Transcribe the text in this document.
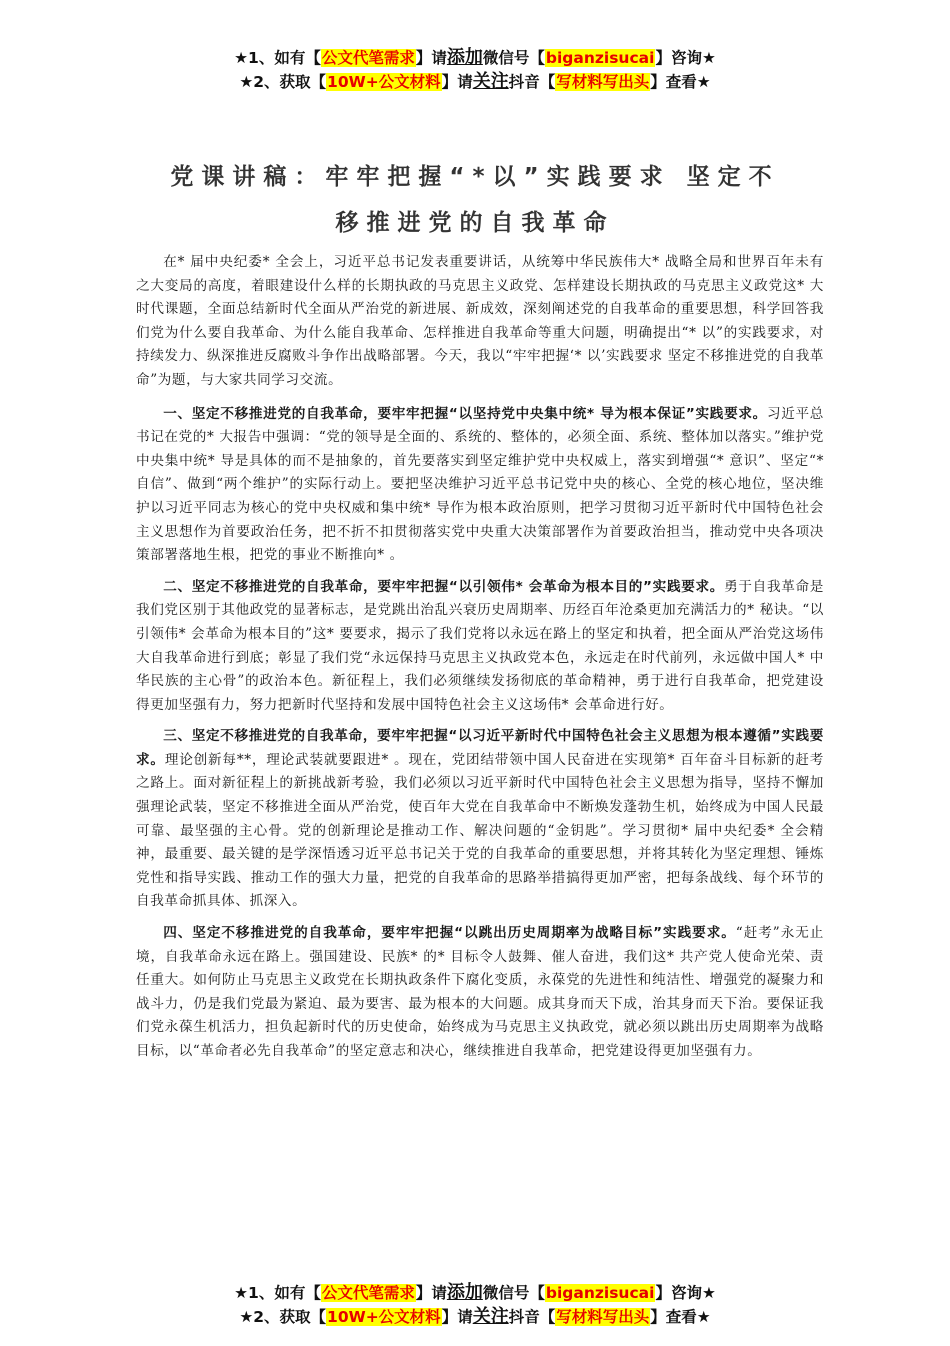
★1、如有【公文代笔需求】请添加微信号【biganzisucai】咨询★
★2、获取【10W+公文材料】请关注抖音【写材料写出头】查看★
党课讲稿：牢牢把握“*以”实践要求 坚定不
移推进党的自我革命

在* 届中央纪委* 全会上，习近平总书记发表重要讲话，从统筹中华民族伟大* 战略全局和世界百年未有之大变局的高度，着眼建设什么样的长期执政的马克思主义政党、怎样建设长期执政的马克思主义政党这* 大时代课题，全面总结新时代全面从严治党的新进展、新成效，深刻阐述党的自我革命的重要思想，科学回答我们党为什么要自我革命、为什么能自我革命、怎样推进自我革命等重大问题，明确提出“* 以”的实践要求，对持续发力、纵深推进反腐败斗争作出战略部署。今天，我以“牢牢把握‘* 以’实践要求 坚定不移推进党的自我革命”为题，与大家共同学习交流。

一、坚定不移推进党的自我革命，要牢牢把握“以坚持党中央集中统* 导为根本保证”实践要求。习近平总书记在党的* 大报告中强调：“党的领导是全面的、系统的、整体的，必须全面、系统、整体加以落实。”维护党中央集中统* 导是具体的而不是抽象的，首先要落实到坚定维护党中央权威上，落实到增强“* 意识”、坚定“* 自信”、做到“两个维护”的实际行动上。要把坚决维护习近平总书记党中央的核心、全党的核心地位，坚决维护以习近平同志为核心的党中央权威和集中统* 导作为根本政治原则，把学习贯彻习近平新时代中国特色社会主义思想作为首要政治任务，把不折不扣贯彻落实党中央重大决策部署作为首要政治担当，推动党中央各项决策部署落地生根，把党的事业不断推向* 。

二、坚定不移推进党的自我革命，要牢牢把握“以引领伟* 会革命为根本目的”实践要求。勇于自我革命是我们党区别于其他政党的显著标志，是党跳出治乱兴衰历史周期率、历经百年沧桑更加充满活力的* 秘诀。“以引领伟* 会革命为根本目的”这* 要要求，揭示了我们党将以永远在路上的坚定和执着，把全面从严治党这场伟大自我革命进行到底；彰显了我们党“永远保持马克思主义执政党本色，永远走在时代前列，永远做中国人* 中华民族的主心骨”的政治本色。新征程上，我们必须继续发扬彻底的革命精神，勇于进行自我革命，把党建设得更加坚强有力，努力把新时代坚持和发展中国特色社会主义这场伟* 会革命进行好。

三、坚定不移推进党的自我革命，要牢牢把握“以习近平新时代中国特色社会主义思想为根本遵循”实践要求。理论创新每**，理论武装就要跟进* 。现在，党团结带领中国人民奋进在实现第* 百年奋斗目标新的赶考之路上。面对新征程上的新挑战新考验，我们必须以习近平新时代中国特色社会主义思想为指导，坚持不懈加强理论武装，坚定不移推进全面从严治党，使百年大党在自我革命中不断焕发蓬勃生机，始终成为中国人民最可靠、最坚强的主心骨。党的创新理论是推动工作、解决问题的“金钥匙”。学习贯彻* 届中央纪委* 全会精神，最重要、最关键的是学深悟透习近平总书记关于党的自我革命的重要思想，并将其转化为坚定理想、锤炼党性和指导实践、推动工作的强大力量，把党的自我革命的思路举措搞得更加严密，把每条战线、每个环节的自我革命抓具体、抓深入。

四、坚定不移推进党的自我革命，要牢牢把握“以跳出历史周期率为战略目标”实践要求。“赶考”永无止境，自我革命永远在路上。强国建设、民族* 的* 目标令人鼓舞、催人奋进，我们这* 共产党人使命光荣、责任重大。如何防止马克思主义政党在长期执政条件下腐化变质，永葆党的先进性和纯洁性、增强党的凝聚力和战斗力，仍是我们党最为紧迫、最为要害、最为根本的大问题。成其身而天下成，治其身而天下治。要保证我们党永葆生机活力，担负起新时代的历史使命，始终成为马克思主义执政党，就必须以跳出历史周期率为战略目标，以“革命者必先自我革命”的坚定意志和决心，继续推进自我革命，把党建设得更加坚强有力。

★1、如有【公文代笔需求】请添加微信号【biganzisucai】咨询★
★2、获取【10W+公文材料】请关注抖音【写材料写出头】查看★
